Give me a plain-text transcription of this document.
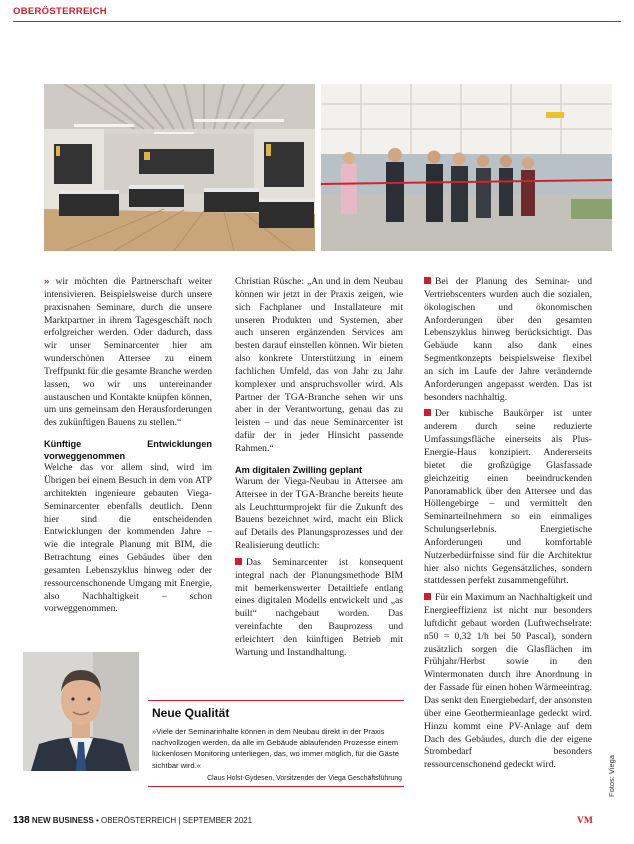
OBERÖSTERREICH

» wir möchten die Partnerschaft weiter intensivieren. Beispielsweise durch unsere praxisnahen Seminare, durch die unsere Marktpartner in ihrem Tagesgeschäft noch erfolgreicher werden. Oder dadurch, dass wir unser Seminarcenter hier am wunderschönen Attersee zu einem Treffpunkt für die gesamte Branche werden lassen, wo wir uns untereinander austauschen und Kontakte knüpfen können, um uns gemeinsam den Herausforderungen des zukünftigen Bauens zu stellen.“

Künftige Entwicklungen vorweggenommen

Welche das vor allem sind, wird im Übrigen bei einem Besuch in dem von ATP architekten ingenieure gebauten Viega-Seminarcenter ebenfalls deutlich. Denn hier sind die entscheidenden Entwicklungen der kommenden Jahre – wie die integrale Planung mit BIM, die Betrachtung eines Gebäudes über den gesamten Lebenszyklus hinweg oder der ressourcenschonende Umgang mit Energie, also Nachhaltigkeit – schon vorweggenommen.

Christian Rüsche: „An und in dem Neubau können wir jetzt in der Praxis zeigen, wie sich Fachplaner und Installateure mit unseren Produkten und Systemen, aber auch unseren ergänzenden Services am besten darauf einstellen können. Wir bieten also konkrete Unterstützung in einem fachlichen Umfeld, das von Jahr zu Jahr komplexer und anspruchsvoller wird. Als Partner der TGA-Branche sehen wir uns aber in der Verantwortung, genau das zu leisten – und das neue Seminarcenter ist dafür der in jeder Hinsicht passende Rahmen.“

Am digitalen Zwilling geplant

Warum der Viega-Neubau in Attersee am Attersee in der TGA-Branche bereits heute als Leuchtturmprojekt für die Zukunft des Bauens bezeichnet wird, macht ein Blick auf Details des Planungsprozesses und der Realisierung deutlich:

Das Seminarcenter ist konsequent integral nach der Planungsmethode BIM mit bemerkenswerter Detailtiefe entlang eines digitalen Modells entwickelt und „as built“ nachgebaut worden. Das vereinfachte den Bauprozess und erleichtert den künftigen Betrieb mit Wartung und Instandhaltung.

Bei der Planung des Seminar- und Vertriebscenters wurden auch die sozialen, ökologischen und ökonomischen Anforderungen über den gesamten Lebenszyklus hinweg berücksichtigt. Das Gebäude kann also dank eines Segmentkonzepts beispielsweise flexibel an sich im Laufe der Jahre verändernde Anforderungen angepasst werden. Das ist besonders nachhaltig.

Der kubische Baukörper ist unter anderem durch seine reduzierte Umfassungsfläche einerseits als Plus-Energie-Haus konzipiert. Andererseits bietet die großzügige Glasfassade gleichzeitig einen beeindruckenden Panoramablick über den Attersee und das Höllengebirge – und vermittelt den Seminarteilnehmern so ein einmaliges Schulungserlebnis. Energietische Anforderungen und komfortable Nutzerbedürfnisse sind für die Architektur hier also nichts Gegensätzliches, sondern stattdessen perfekt zusammengeführt.

Für ein Maximum an Nachhaltigkeit und Energieeffizienz ist nicht nur besonders luftdicht gebaut worden (Luftwechselrate: n50 = 0,32 1/h bei 50 Pascal), sondern zusätzlich sorgen die Glasflächen im Frühjahr/Herbst sowie in den Wintermonaten durch ihre Anordnung in der Fassade für einen hohen Wärmeeintrag. Das senkt den Energiebedarf, der ansonsten über eine Geothermieanlage gedeckt wird. Hinzu kommt eine PV-Anlage auf dem Dach des Gebäudes, durch die der eigene Strombedarf besonders ressourcenschonend gedeckt wird.

Neue Qualität

»Viele der Seminarinhalte können in dem Neubau direkt in der Praxis nachvollzogen werden, da alle im Gebäude ablaufenden Prozesse einem lückenlosen Monitoring unterliegen, das, wo immer möglich, für die Gäste sichtbar wird.«

Claus Holst-Gydesen, Vorsitzender der Viega Geschäftsführung
138 NEW BUSINESS • OBERÖSTERREICH | SEPTEMBER 2021
Fotos: Viega
VM
